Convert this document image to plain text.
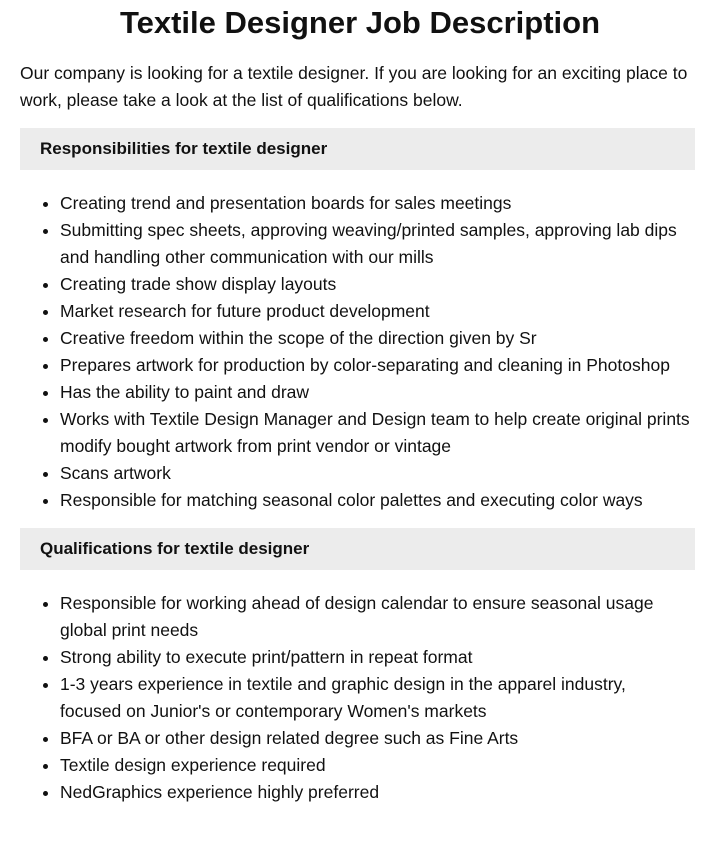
Textile Designer Job Description

Our company is looking for a textile designer. If you are looking for an exciting place to work, please take a look at the list of qualifications below.

Responsibilities for textile designer
• Creating trend and presentation boards for sales meetings
• Submitting spec sheets, approving weaving/printed samples, approving lab dips and handling other communication with our mills
• Creating trade show display layouts
• Market research for future product development
• Creative freedom within the scope of the direction given by Sr
• Prepares artwork for production by color-separating and cleaning in Photoshop
• Has the ability to paint and draw
• Works with Textile Design Manager and Design team to help create original prints modify bought artwork from print vendor or vintage
• Scans artwork
• Responsible for matching seasonal color palettes and executing color ways
Qualifications for textile designer
• Responsible for working ahead of design calendar to ensure seasonal usage global print needs
• Strong ability to execute print/pattern in repeat format
• 1-3 years experience in textile and graphic design in the apparel industry, focused on Junior's or contemporary Women's markets
• BFA or BA or other design related degree such as Fine Arts
• Textile design experience required
• NedGraphics experience highly preferred
